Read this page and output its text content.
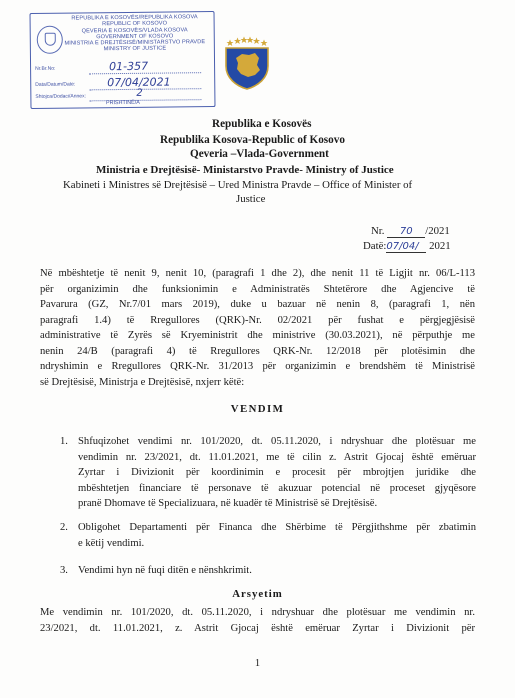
REPUBLIKA E KOSOVËS/REPUBLIKA KOSOVA
REPUBLIC OF KOSOVO
QEVERIA E KOSOVËS/VLADA KOSOVA
GOVERNMENT OF KOSOVO
MINISTRIA E DREJTËSISË/MINISTARSTVO PRAVDE
MINISTRY OF JUSTICE
Nr.Br.No:	01-357
Data/Datum/Date:	07/04/2021
Shtojca/Dodaci/Annex:	2
PRISHTINË/A
Republika e Kosovës
Republika Kosova-Republic of Kosovo
Qeveria –Vlada-Government
Ministria e Drejtësisë- Ministarstvo Pravde- Ministry of Justice
Kabineti i Ministres së Drejtësisë – Ured Ministra Pravde – Office of Minister of
Justice
Nr. 70 /2021
Datë:07/04/ 2021
Në mbështetje të nenit 9, nenit 10, (paragrafi 1 dhe 2), dhe nenit 11 të Ligjit nr. 06/L-113
për organizimin dhe funksionimin e Administratës Shtetërore dhe Agjencive të
Pavarura (GZ, Nr.7/01 mars 2019), duke u bazuar në nenin 8, (paragrafi 1, nën
paragrafi 1.4) të Rregullores (QRK)-Nr. 02/2021 për fushat e përgjegjësisë
administrative të Zyrës së Kryeministrit dhe ministrive (30.03.2021), në përputhje me
nenin 24/B (paragrafi 4) të Rregullores QRK-Nr. 12/2018 për plotësimin dhe
ndryshimin e Rregullores QRK-Nr. 31/2013 për organizimin e brendshëm të Ministrisë
së Drejtësisë, Ministrja e Drejtësisë, nxjerr këtë:
VENDIM
1. Shfuqizohet vendimi nr. 101/2020, dt. 05.11.2020, i ndryshuar dhe plotësuar me
vendimin nr. 23/2021, dt. 11.01.2021, me të cilin z. Astrit Gjocaj është emëruar
Zyrtar i Divizionit për koordinimin e procesit për mbrojtjen juridike dhe
mbështetjen financiare të personave të akuzuar potencial në proceset gjyqësore
pranë Dhomave të Specializuara, në kuadër të Ministrisë së Drejtësisë.
2. Obligohet Departamenti për Financa dhe Shërbime të Përgjithshme për zbatimin
e këtij vendimi.
3. Vendimi hyn në fuqi ditën e nënshkrimit.
Arsyetim
Me vendimin nr. 101/2020, dt. 05.11.2020, i ndryshuar dhe plotësuar me vendimin nr.
23/2021, dt. 11.01.2021, z. Astrit Gjocaj është emëruar Zyrtar i Divizionit për
1
